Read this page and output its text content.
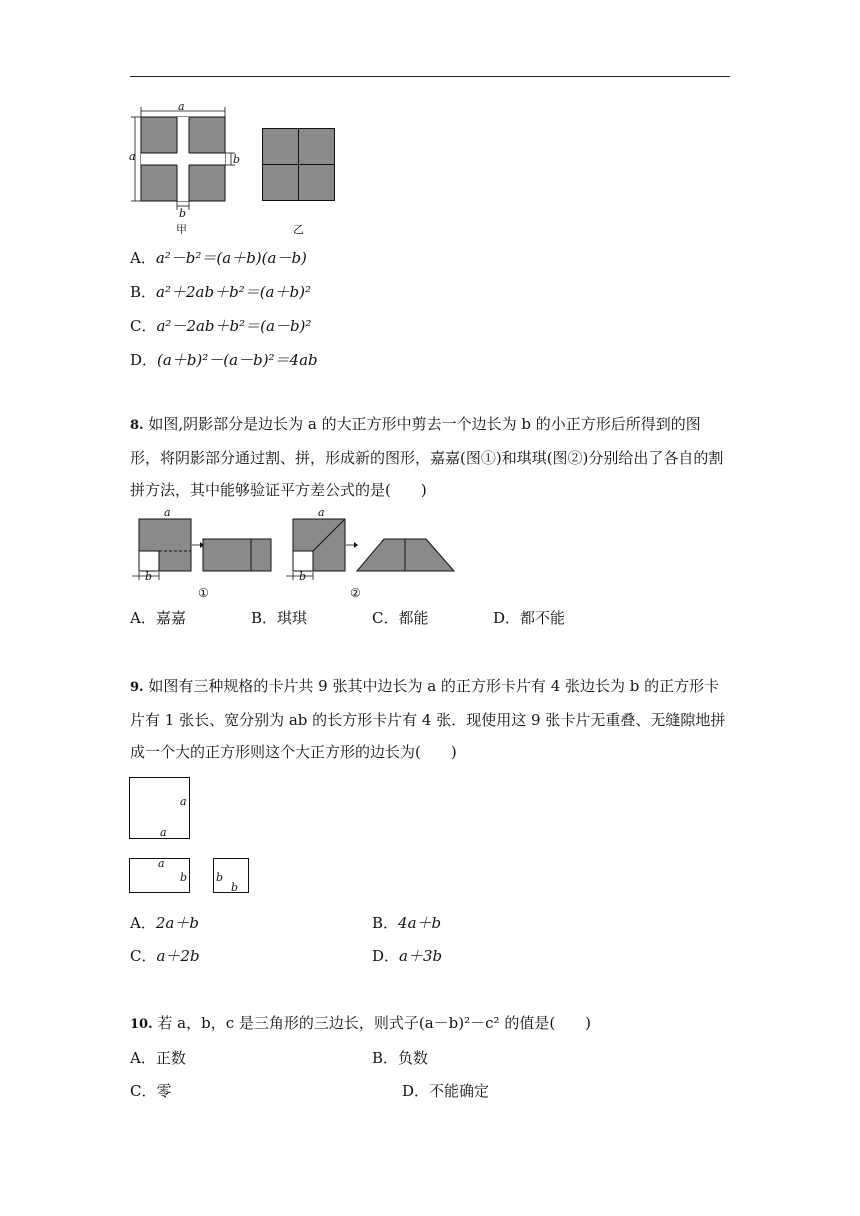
a
a	b
b
甲	乙
A．a²－b²＝(a＋b)(a－b)
B．a²＋2ab＋b²＝(a＋b)²
C．a²－2ab＋b²＝(a－b)²
D．(a＋b)²－(a－b)²＝4ab
8. 如图,阴影部分是边长为 a 的大正方形中剪去一个边长为 b 的小正方形后所得到的图形，将阴影部分通过割、拼，形成新的图形，嘉嘉(图①)和琪琪(图②)分别给出了各自的割拼方法，其中能够验证平方差公式的是(　　)
a
b
a
b
①	②
A．嘉嘉	B．琪琪	C．都能	D．都不能
9. 如图有三种规格的卡片共 9 张其中边长为 a 的正方形卡片有 4 张边长为 b 的正方形卡片有 1 张长、宽分别为 ab 的长方形卡片有 4 张．现使用这 9 张卡片无重叠、无缝隙地拼成一个大的正方形则这个大正方形的边长为(　　)
a
a
a
b	b
b
A．2a＋b	B．4a＋b
C．a＋2b	D．a＋3b
10. 若 a，b，c 是三角形的三边长，则式子(a－b)²－c² 的值是(　　)
A．正数	B．负数
C．零	D．不能确定
